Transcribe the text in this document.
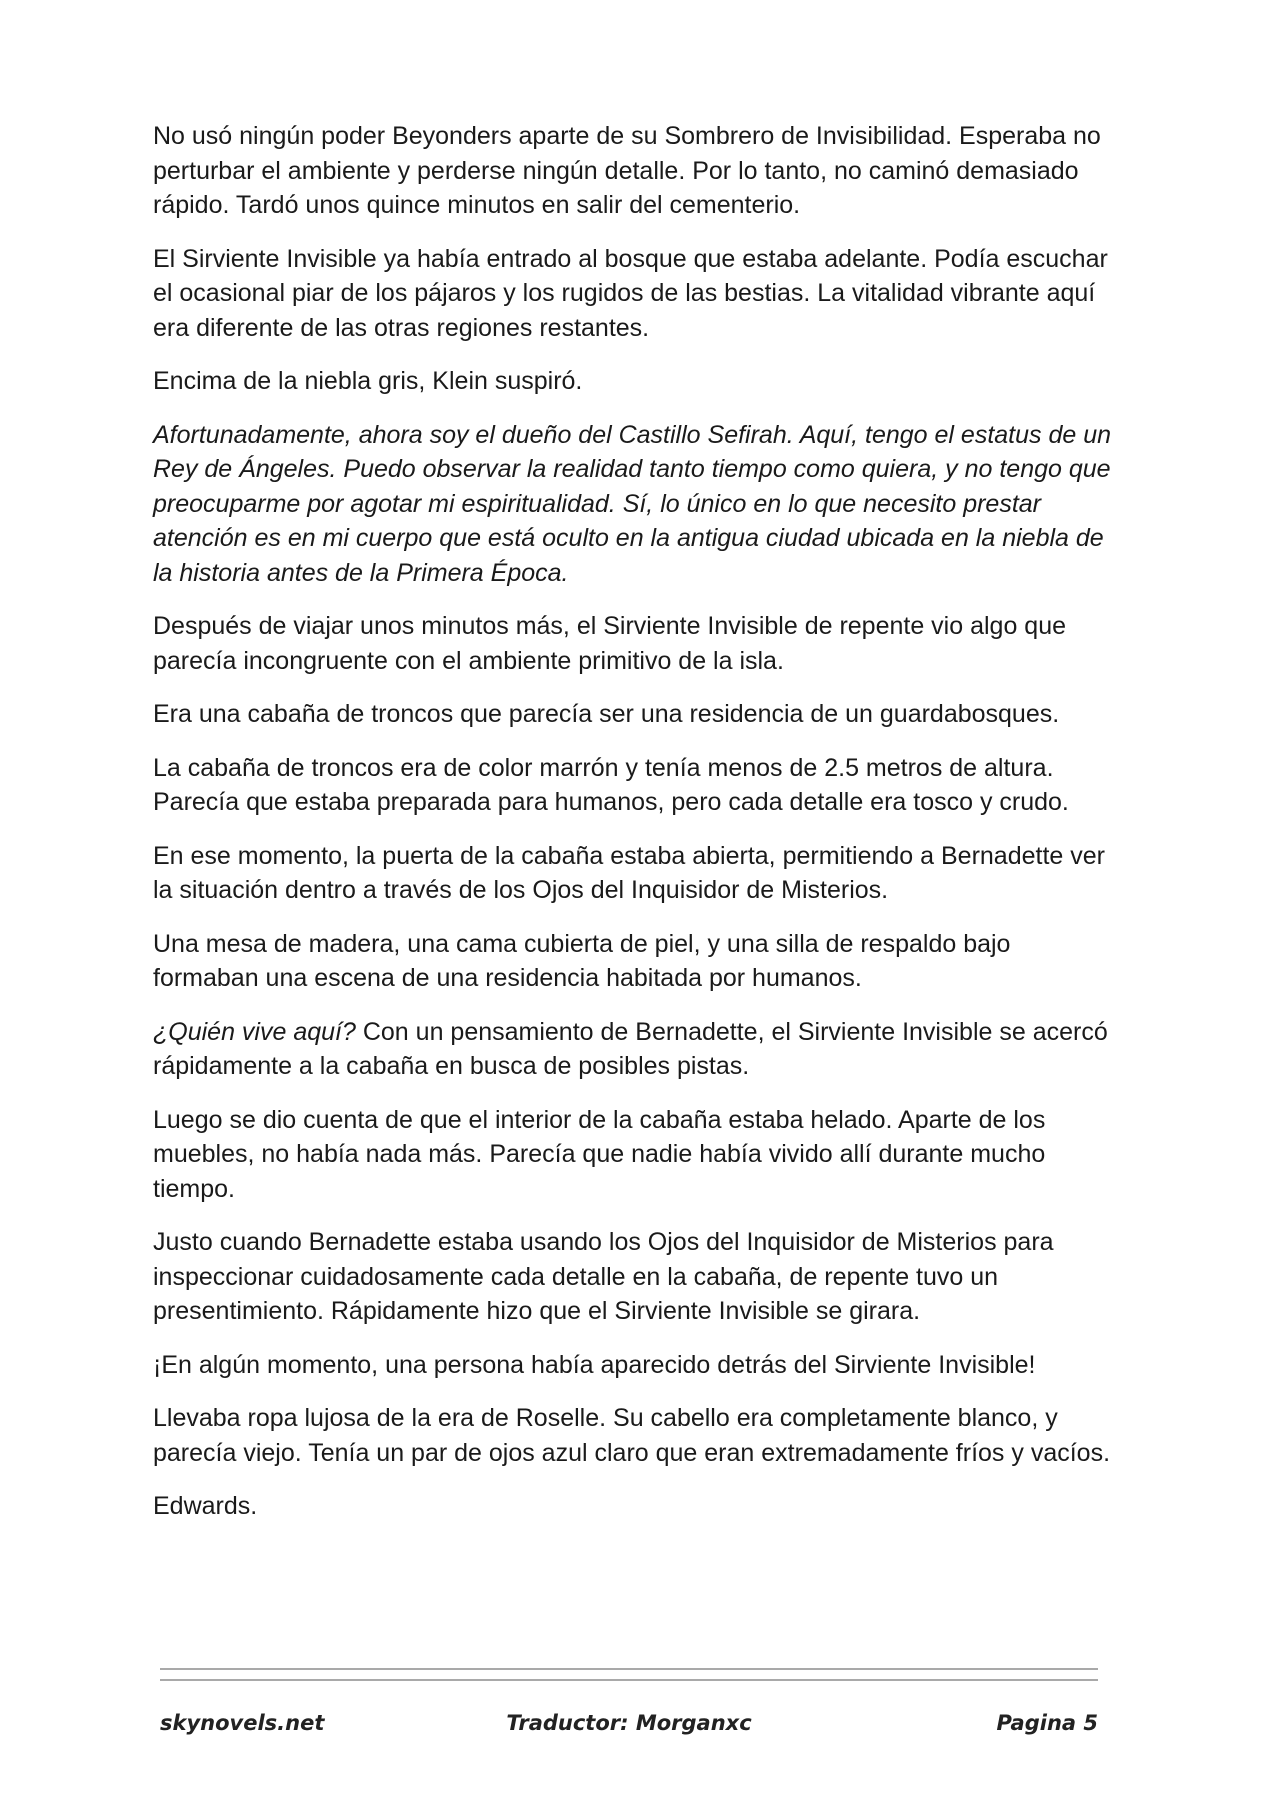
No usó ningún poder Beyonders aparte de su Sombrero de Invisibilidad. Esperaba no perturbar el ambiente y perderse ningún detalle. Por lo tanto, no caminó demasiado rápido. Tardó unos quince minutos en salir del cementerio.

El Sirviente Invisible ya había entrado al bosque que estaba adelante. Podía escuchar el ocasional piar de los pájaros y los rugidos de las bestias. La vitalidad vibrante aquí era diferente de las otras regiones restantes.

Encima de la niebla gris, Klein suspiró.

Afortunadamente, ahora soy el dueño del Castillo Sefirah. Aquí, tengo el estatus de un Rey de Ángeles. Puedo observar la realidad tanto tiempo como quiera, y no tengo que preocuparme por agotar mi espiritualidad. Sí, lo único en lo que necesito prestar atención es en mi cuerpo que está oculto en la antigua ciudad ubicada en la niebla de la historia antes de la Primera Época.

Después de viajar unos minutos más, el Sirviente Invisible de repente vio algo que parecía incongruente con el ambiente primitivo de la isla.

Era una cabaña de troncos que parecía ser una residencia de un guardabosques.

La cabaña de troncos era de color marrón y tenía menos de 2.5 metros de altura. Parecía que estaba preparada para humanos, pero cada detalle era tosco y crudo.

En ese momento, la puerta de la cabaña estaba abierta, permitiendo a Bernadette ver la situación dentro a través de los Ojos del Inquisidor de Misterios.

Una mesa de madera, una cama cubierta de piel, y una silla de respaldo bajo formaban una escena de una residencia habitada por humanos.

¿Quién vive aquí? Con un pensamiento de Bernadette, el Sirviente Invisible se acercó rápidamente a la cabaña en busca de posibles pistas.

Luego se dio cuenta de que el interior de la cabaña estaba helado. Aparte de los muebles, no había nada más. Parecía que nadie había vivido allí durante mucho tiempo.

Justo cuando Bernadette estaba usando los Ojos del Inquisidor de Misterios para inspeccionar cuidadosamente cada detalle en la cabaña, de repente tuvo un presentimiento. Rápidamente hizo que el Sirviente Invisible se girara.

¡En algún momento, una persona había aparecido detrás del Sirviente Invisible!

Llevaba ropa lujosa de la era de Roselle. Su cabello era completamente blanco, y parecía viejo. Tenía un par de ojos azul claro que eran extremadamente fríos y vacíos.

Edwards.

skynovels.net	Traductor: Morganxc	Pagina 5
